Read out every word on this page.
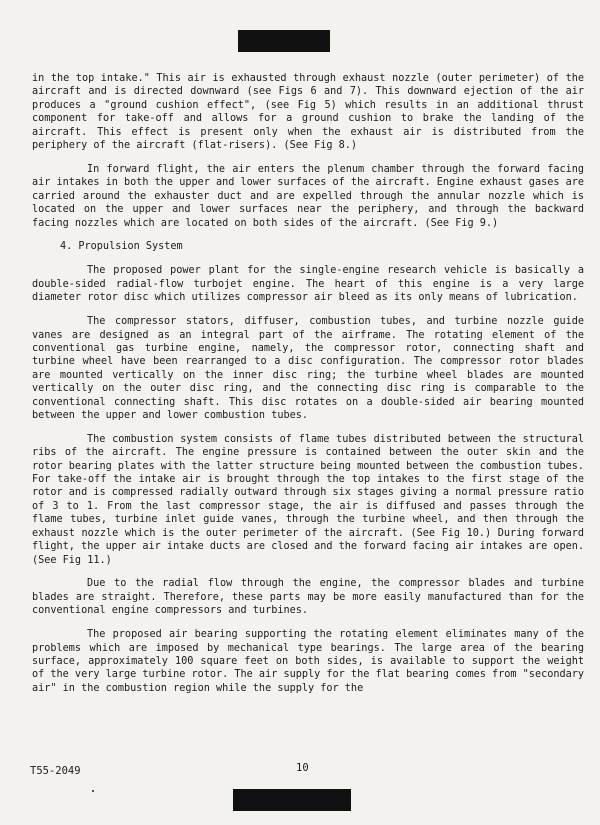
in the top intake." This air is exhausted through exhaust nozzle (outer perimeter) of the aircraft and is directed downward (see Figs 6 and 7). This downward ejection of the air produces a "ground cushion effect", (see Fig 5) which results in an additional thrust component for take-off and allows for a ground cushion to brake the landing of the aircraft. This effect is present only when the exhaust air is distributed from the periphery of the aircraft (flat-risers). (See Fig 8.)

In forward flight, the air enters the plenum chamber through the forward facing air intakes in both the upper and lower surfaces of the aircraft. Engine exhaust gases are carried around the exhauster duct and are expelled through the annular nozzle which is located on the upper and lower surfaces near the periphery, and through the backward facing nozzles which are located on both sides of the aircraft. (See Fig 9.)

4. Propulsion System

The proposed power plant for the single-engine research vehicle is basically a double-sided radial-flow turbojet engine. The heart of this engine is a very large diameter rotor disc which utilizes compressor air bleed as its only means of lubrication.

The compressor stators, diffuser, combustion tubes, and turbine nozzle guide vanes are designed as an integral part of the airframe. The rotating element of the conventional gas turbine engine, namely, the compressor rotor, connecting shaft and turbine wheel have been rearranged to a disc configuration. The compressor rotor blades are mounted vertically on the inner disc ring; the turbine wheel blades are mounted vertically on the outer disc ring, and the connecting disc ring is comparable to the conventional connecting shaft. This disc rotates on a double-sided air bearing mounted between the upper and lower combustion tubes.

The combustion system consists of flame tubes distributed between the structural ribs of the aircraft. The engine pressure is contained between the outer skin and the rotor bearing plates with the latter structure being mounted between the combustion tubes. For take-off the intake air is brought through the top intakes to the first stage of the rotor and is compressed radially outward through six stages giving a normal pressure ratio of 3 to 1. From the last compressor stage, the air is diffused and passes through the flame tubes, turbine inlet guide vanes, through the turbine wheel, and then through the exhaust nozzle which is the outer perimeter of the aircraft. (See Fig 10.) During forward flight, the upper air intake ducts are closed and the forward facing air intakes are open. (See Fig 11.)

Due to the radial flow through the engine, the compressor blades and turbine blades are straight. Therefore, these parts may be more easily manufactured than for the conventional engine compressors and turbines.

The proposed air bearing supporting the rotating element eliminates many of the problems which are imposed by mechanical type bearings. The large area of the bearing surface, approximately 100 square feet on both sides, is available to support the weight of the very large turbine rotor. The air supply for the flat bearing comes from "secondary air" in the combustion region while the supply for the

T55-2049	10
